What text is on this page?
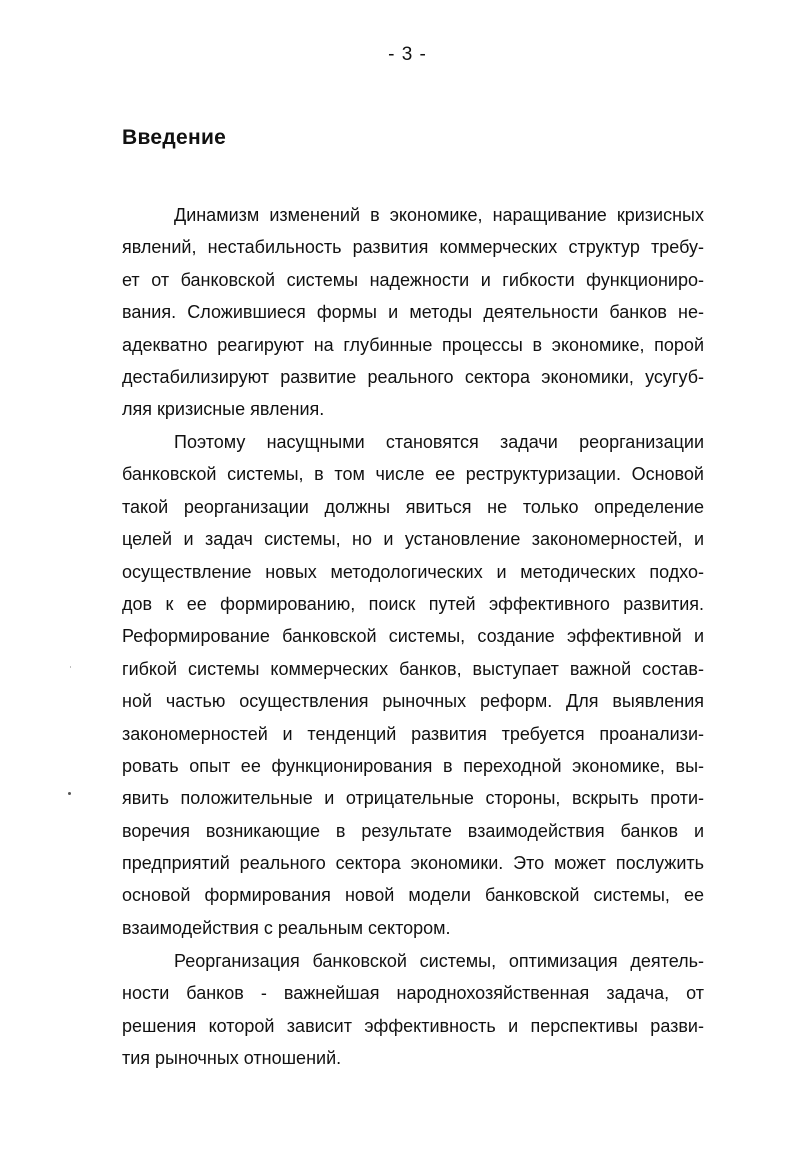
- 3 -
Введение
Динамизм изменений в экономике, наращивание кризисных
явлений, нестабильность развития коммерческих структур требу-
ет от банковской системы надежности и гибкости функциониро-
вания. Сложившиеся формы и методы деятельности банков не-
адекватно реагируют на глубинные процессы в экономике, порой
дестабилизируют развитие реального сектора экономики, усугуб-
ляя кризисные явления.
Поэтому насущными становятся задачи реорганизации
банковской системы, в том числе ее реструктуризации. Основой
такой реорганизации должны явиться не только определение
целей и задач системы, но и установление закономерностей, и
осуществление новых методологических и методических подхо-
дов к ее формированию, поиск путей эффективного развития.
Реформирование банковской системы, создание эффективной и
гибкой системы коммерческих банков, выступает важной состав-
ной частью осуществления рыночных реформ. Для выявления
закономерностей и тенденций развития требуется проанализи-
ровать опыт ее функционирования в переходной экономике, вы-
явить положительные и отрицательные стороны, вскрыть проти-
воречия возникающие в результате взаимодействия банков и
предприятий реального сектора экономики. Это может послужить
основой формирования новой модели банковской системы, ее
взаимодействия с реальным сектором.
Реорганизация банковской системы, оптимизация деятель-
ности банков - важнейшая народнохозяйственная задача, от
решения которой зависит эффективность и перспективы разви-
тия рыночных отношений.
